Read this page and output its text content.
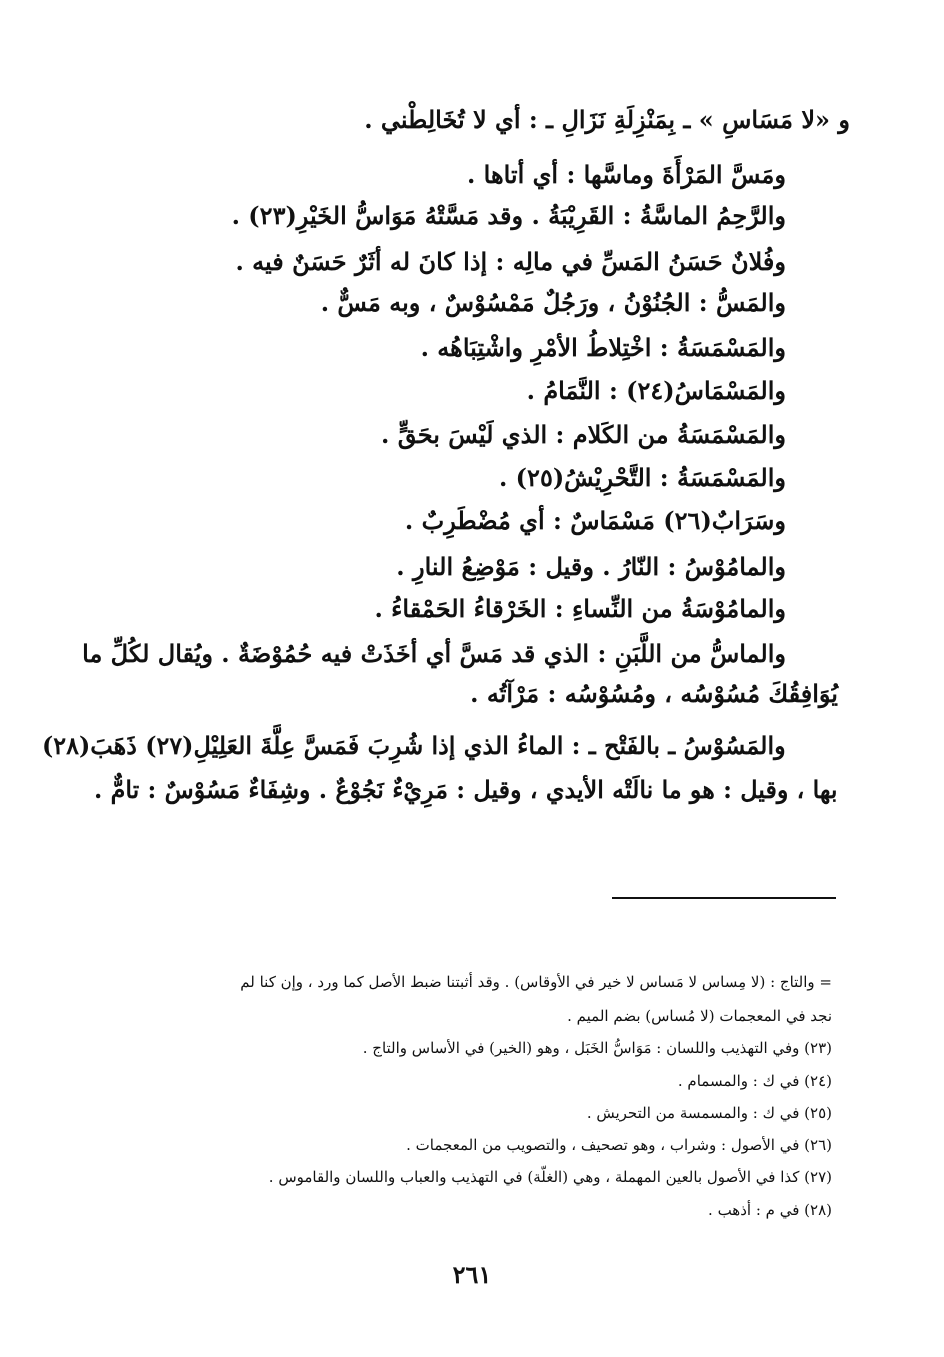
و «لا مَسَاسِ » ـ بِمَنْزِلَةِ نَزَالِ ـ : أي لا تُخَالِطْني .
ومَسَّ المَرْأَةَ وماسَّها : أي أتاها .
والرَّحِمُ الماسَّةُ : القَرِيْبَةُ . وقد مَسَّتْهُ مَوَاسُّ الخَيْرِ(٢٣) .
وفُلانٌ حَسَنُ المَسِّ في مالِه : إذا كانَ له أثَرٌ حَسَنٌ فيه .
والمَسُّ : الجُنُوْنُ ، ورَجُلٌ مَمْسُوْسٌ ، وبه مَسٌّ .
والمَسْمَسَةُ : اخْتِلاطُ الأمْرِ واشْتِبَاهُه .
والمَسْمَاسُ(٢٤) : النَّمَامُ .
والمَسْمَسَةُ من الكَلام : الذي لَيْسَ بحَقٍّ .
والمَسْمَسَةُ : التَّحْرِيْشُ(٢٥) .
وسَرَابٌ(٢٦) مَسْمَاسٌ : أي مُضْطَرِبٌ .
والمامُوْسُ : النّارُ . وقيل : مَوْضِعُ النارِ .
والمامُوْسَةُ من النِّساءِ : الخَرْقاءُ الحَمْقاءُ .
والماسُّ من اللَّبَنِ : الذي قد مَسَّ أي أخَذَتْ فيه حُمُوْضَةٌ . ويُقال لكُلِّ ما
يُوَافِقُكَ مُسُوْسُه ، ومُسُوْسُه : مَرْآتُه .
والمَسُوْسُ ـ بالفَتْح ـ : الماءُ الذي إذا شُرِبَ فَمَسَّ عِلَّةَ العَلِيْلِ(٢٧) ذَهَبَ(٢٨)
بها ، وقيل : هو ما نالَتْه الأيدي ، وقيل : مَرِيْءٌ نَجُوْعٌ . وشِفَاءٌ مَسُوْسٌ : تامٌّ .
= والتاج : (لا مِساس لا مَساس لا خير في الأوقاس) . وقد أثبتنا ضبط الأصل كما ورد ، وإن كنا لم
نجد في المعجمات (لا مُساس) بضم الميم .
(٢٣) وفي التهذيب واللسان : مَوَاسُّ الخَبَل ، وهو (الخير) في الأساس والتاج .
(٢٤) في ك : والمسمام .
(٢٥) في ك : والمسمسة من التحريش .
(٢٦) في الأصول : وشراب ، وهو تصحيف ، والتصويب من المعجمات .
(٢٧) كذا في الأصول بالعين المهملة ، وهي (الغلّة) في التهذيب والعباب واللسان والقاموس .
(٢٨) في م : أذهب .
٢٦١
